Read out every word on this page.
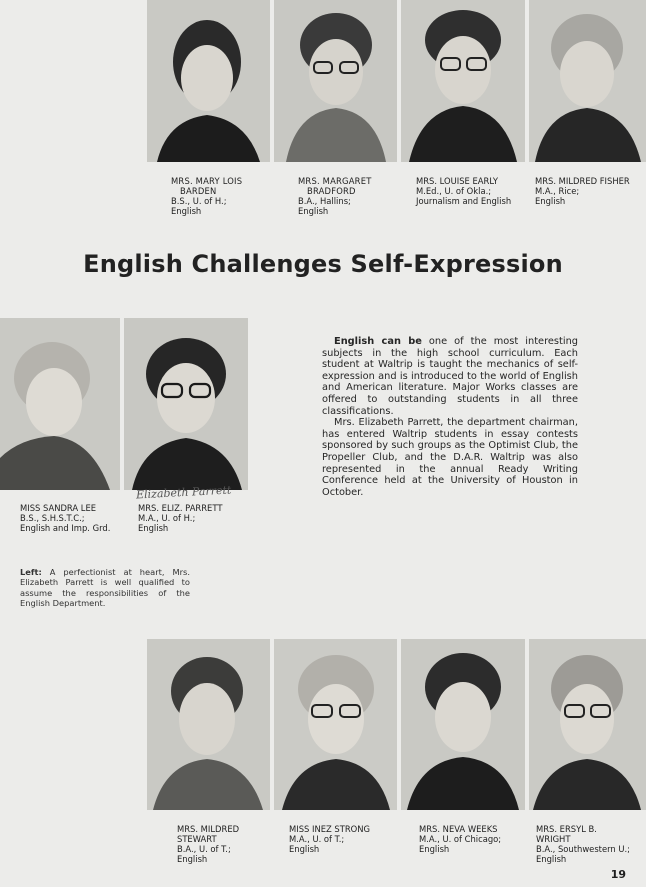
MRS. MARY LOIS
BARDEN
B.S., U. of H.;
English
MRS. MARGARET
BRADFORD
B.A., Hallins;
English
MRS. LOUISE EARLY
M.Ed., U. of Okla.;
Journalism and English
MRS. MILDRED FISHER
M.A., Rice;
English
English Challenges Self-Expression
MISS SANDRA LEE
B.S., S.H.S.T.C.;
English and Imp. Grd.
MRS. ELIZ. PARRETT
M.A., U. of H.;
English
Elizabeth Parrett

English can be one of the most interesting subjects in the high school curriculum. Each student at Waltrip is taught the mechanics of self-expression and is introduced to the world of English and American literature. Major Works classes are offered to outstanding students in all three classifications.

Mrs. Elizabeth Parrett, the department chairman, has entered Waltrip students in essay contests sponsored by such groups as the Optimist Club, the Propeller Club, and the D.A.R. Waltrip was also represented in the annual Ready Writing Conference held at the University of Houston in October.

Left: A perfectionist at heart, Mrs. Elizabeth Parrett is well qualified to assume the responsibilities of the English Department.
MRS. MILDRED
STEWART
B.A., U. of T.;
English
MISS INEZ STRONG
M.A., U. of T.;
English
MRS. NEVA WEEKS
M.A., U. of Chicago;
English
MRS. ERSYL B.
WRIGHT
B.A., Southwestern U.;
English
19
